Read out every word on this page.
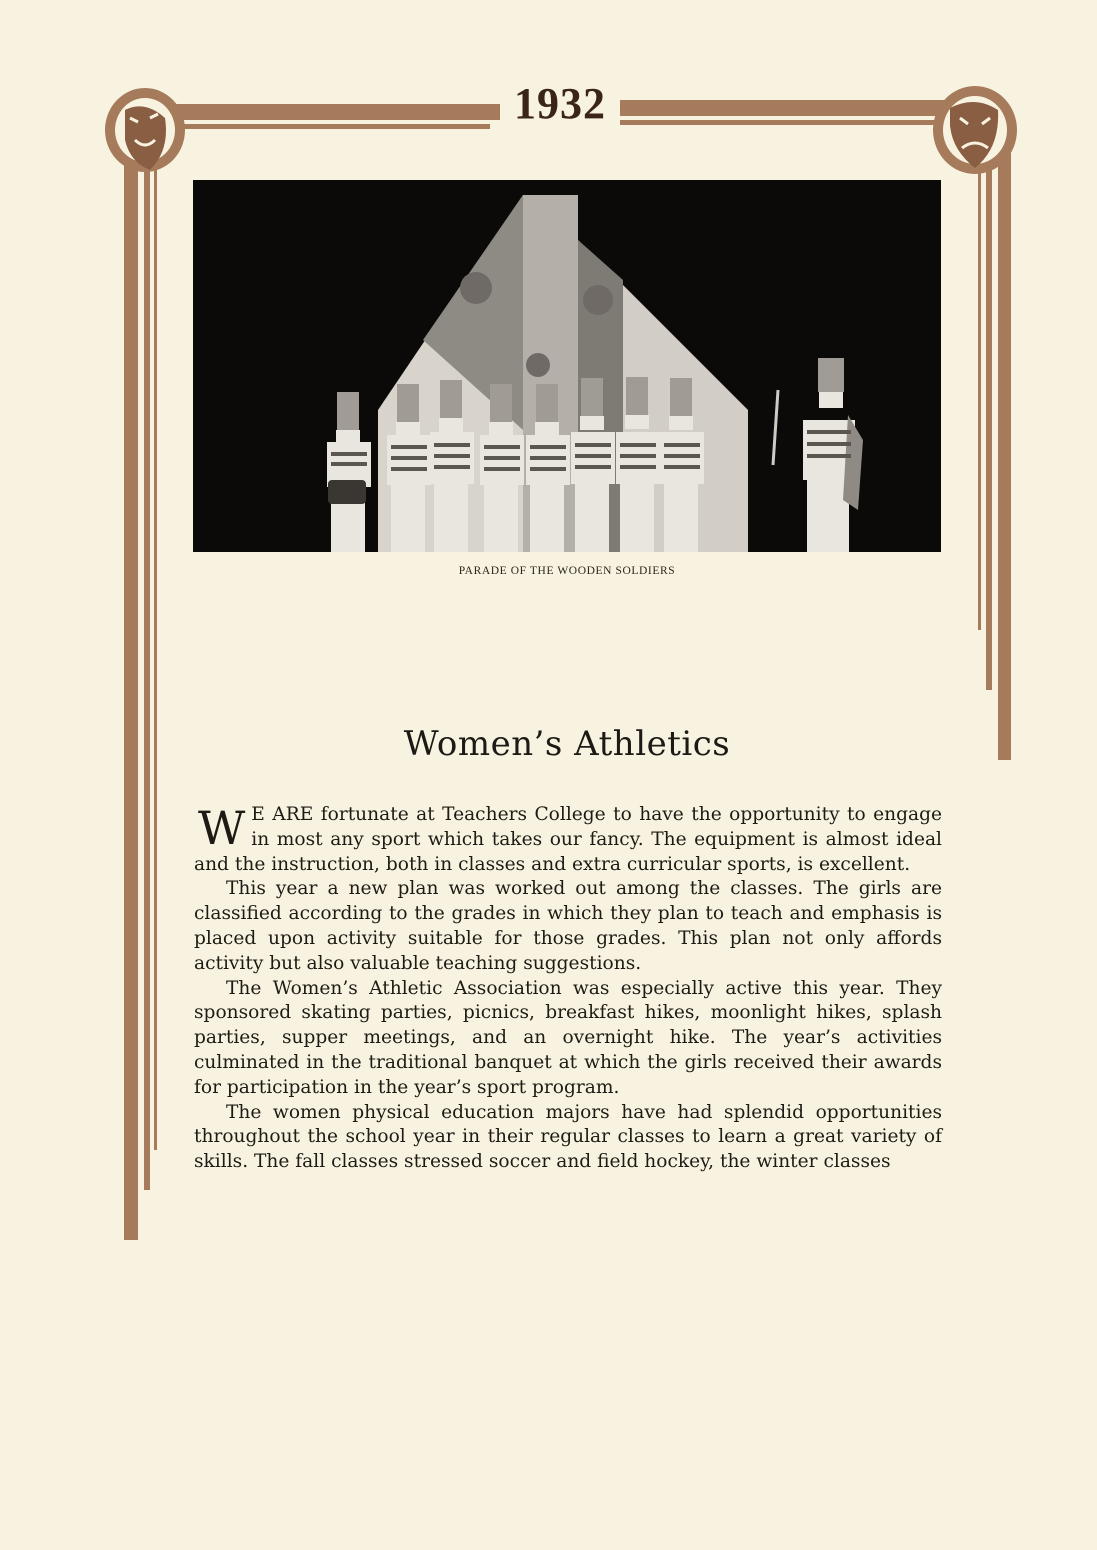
1932
PARADE OF THE WOODEN SOLDIERS
Women’s Athletics

W E ARE fortunate at Teachers College to have the opportunity to engage in most any sport which takes our fancy. The equipment is almost ideal and the instruction, both in classes and extra curricular sports, is excellent.

This year a new plan was worked out among the classes. The girls are classified according to the grades in which they plan to teach and emphasis is placed upon activity suitable for those grades. This plan not only affords activity but also valuable teaching suggestions.

The Women’s Athletic Association was especially active this year. They sponsored skating parties, picnics, breakfast hikes, moonlight hikes, splash parties, supper meetings, and an overnight hike. The year’s activities culminated in the traditional banquet at which the girls received their awards for participation in the year’s sport program.

The women physical education majors have had splendid opportunities throughout the school year in their regular classes to learn a great variety of skills. The fall classes stressed soccer and field hockey, the winter classes
